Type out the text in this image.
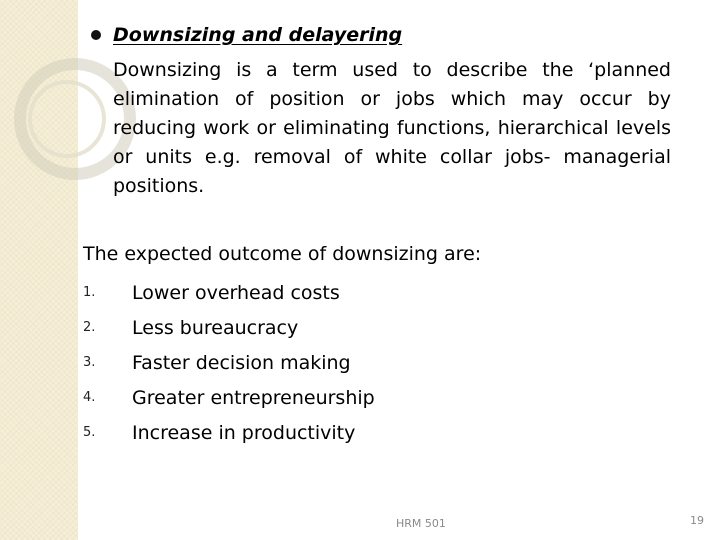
Downsizing and delayering

Downsizing is a term used to describe the ‘planned elimination of position or jobs which may occur by reducing work or eliminating functions, hierarchical levels or units e.g. removal of white collar jobs- managerial positions.

The expected outcome of downsizing are:
1.	Lower overhead costs
2.	Less bureaucracy
3.	Faster decision making
4.	Greater entrepreneurship
5.	Increase in productivity
HRM 501	19
